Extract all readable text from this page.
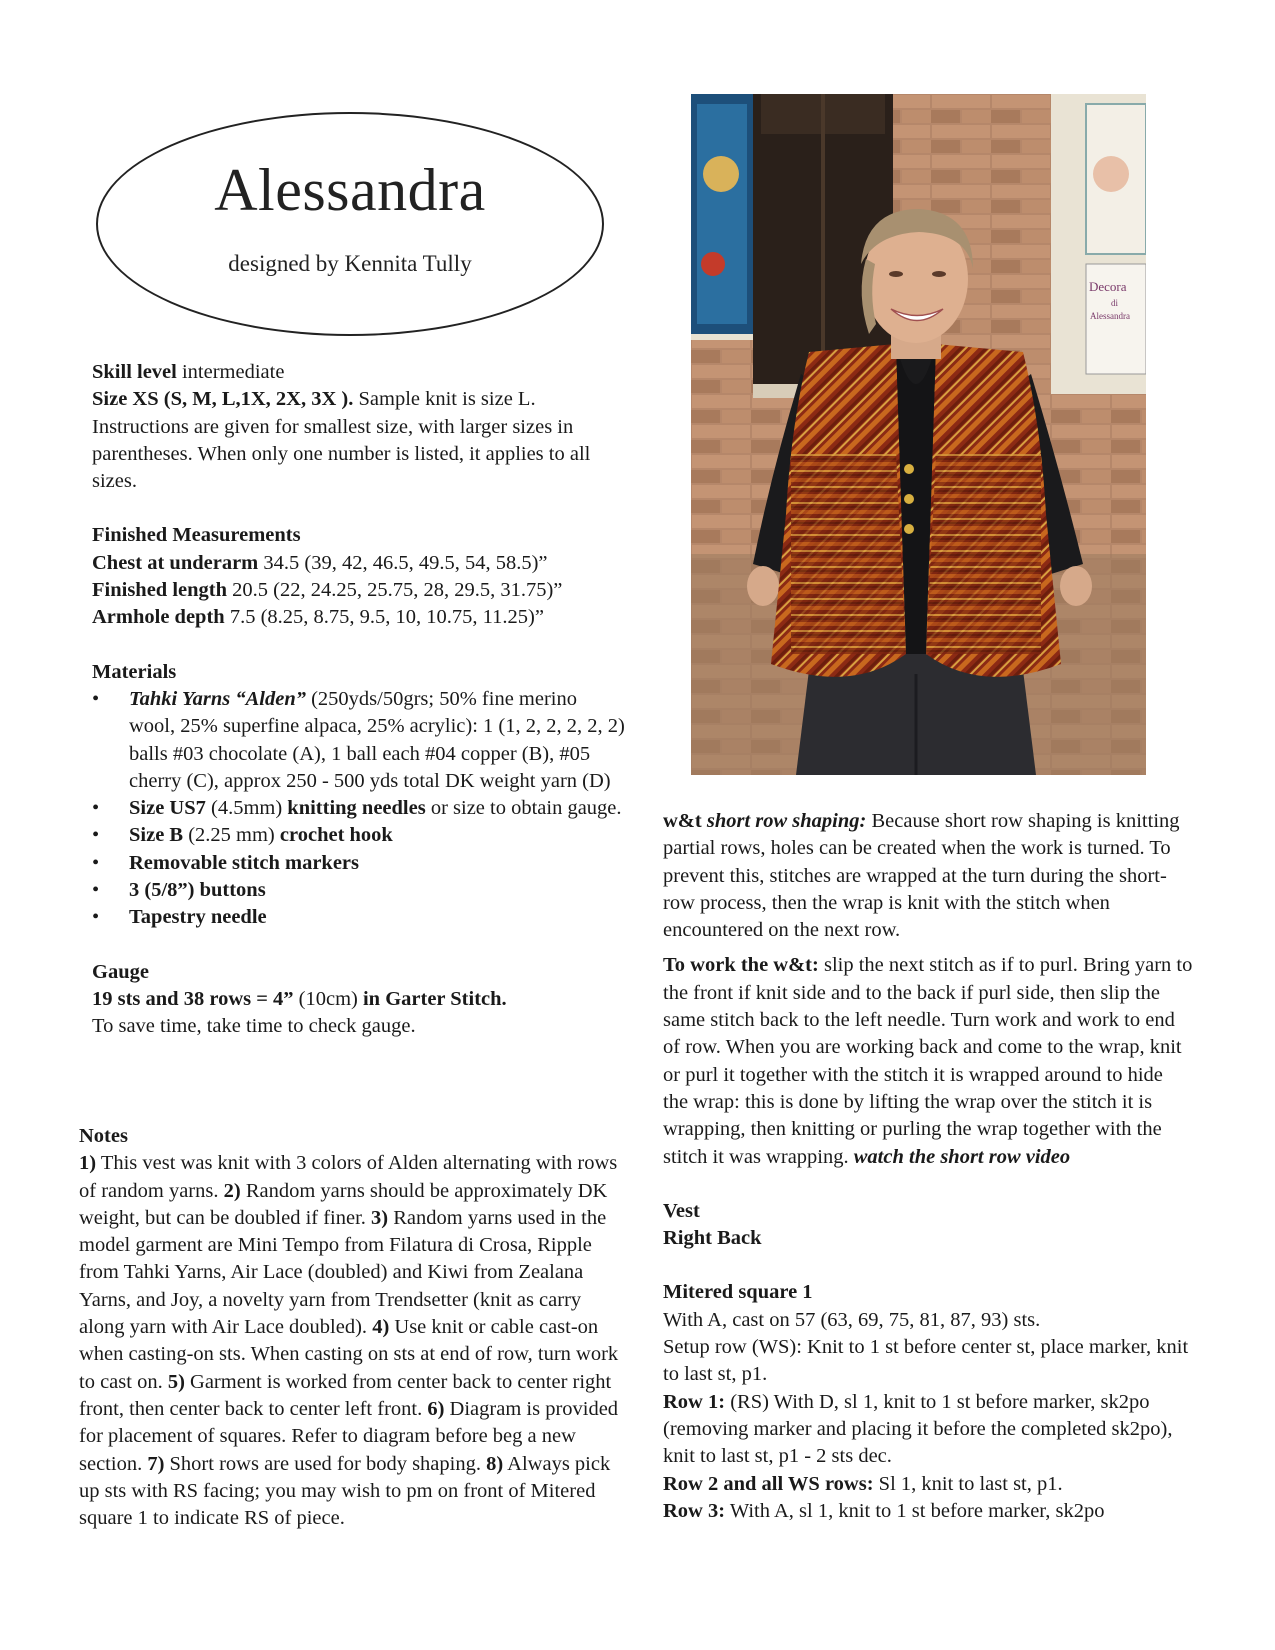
Alessandra
designed by Kennita Tully

Skill level intermediate

Size XS (S, M, L,1X, 2X, 3X ). Sample knit is size L. Instructions are given for smallest size, with larger sizes in parentheses. When only one number is listed, it applies to all sizes.

Finished Measurements

Chest at underarm 34.5 (39, 42, 46.5, 49.5, 54, 58.5)”

Finished length 20.5 (22, 24.25, 25.75, 28, 29.5, 31.75)”

Armhole depth 7.5 (8.25, 8.75, 9.5, 10, 10.75, 11.25)”

Materials

• Tahki Yarns “Alden” (250yds/50grs; 50% fine merino wool, 25% superfine alpaca, 25% acrylic): 1 (1, 2, 2, 2, 2, 2) balls #03 chocolate (A), 1 ball each #04 copper (B), #05 cherry (C), approx 250 - 500 yds total DK weight yarn (D)
• Size US7 (4.5mm) knitting needles or size to obtain gauge.
• Size B (2.25 mm) crochet hook
• Removable stitch markers
• 3 (5/8”) buttons
• Tapestry needle

Gauge

19 sts and 38 rows = 4” (10cm) in Garter Stitch.

To save time, take time to check gauge.

Notes

1) This vest was knit with 3 colors of Alden alternating with rows of random yarns. 2) Random yarns should be approximately DK weight, but can be doubled if finer. 3) Random yarns used in the model garment are Mini Tempo from Filatura di Crosa, Ripple from Tahki Yarns, Air Lace (doubled) and Kiwi from Zealana Yarns, and Joy, a novelty yarn from Trendsetter (knit as carry along yarn with Air Lace doubled). 4) Use knit or cable cast-on when casting-on sts. When casting on sts at end of row, turn work to cast on. 5) Garment is worked from center back to center right front, then center back to center left front. 6) Diagram is provided for placement of squares. Refer to diagram before beg a new section. 7) Short rows are used for body shaping. 8) Always pick up sts with RS facing; you may wish to pm on front of Mitered square 1 to indicate RS of piece.

Decora
di
Alessandra

w&t short row shaping: Because short row shaping is knitting partial rows, holes can be created when the work is turned. To prevent this, stitches are wrapped at the turn during the short-row process, then the wrap is knit with the stitch when encountered on the next row.

To work the w&t: slip the next stitch as if to purl. Bring yarn to the front if knit side and to the back if purl side, then slip the same stitch back to the left needle. Turn work and work to end of row. When you are working back and come to the wrap, knit or purl it together with the stitch it is wrapped around to hide the wrap: this is done by lifting the wrap over the stitch it is wrapping, then knitting or purling the wrap together with the stitch it was wrapping. watch the short row video

Vest

Right Back

Mitered square 1

With A, cast on 57 (63, 69, 75, 81, 87, 93) sts.

Setup row (WS): Knit to 1 st before center st, place marker, knit to last st, p1.

Row 1: (RS) With D, sl 1, knit to 1 st before marker, sk2po (removing marker and placing it before the completed sk2po), knit to last st, p1 - 2 sts dec.

Row 2 and all WS rows: Sl 1, knit to last st, p1.

Row 3: With A, sl 1, knit to 1 st before marker, sk2po
